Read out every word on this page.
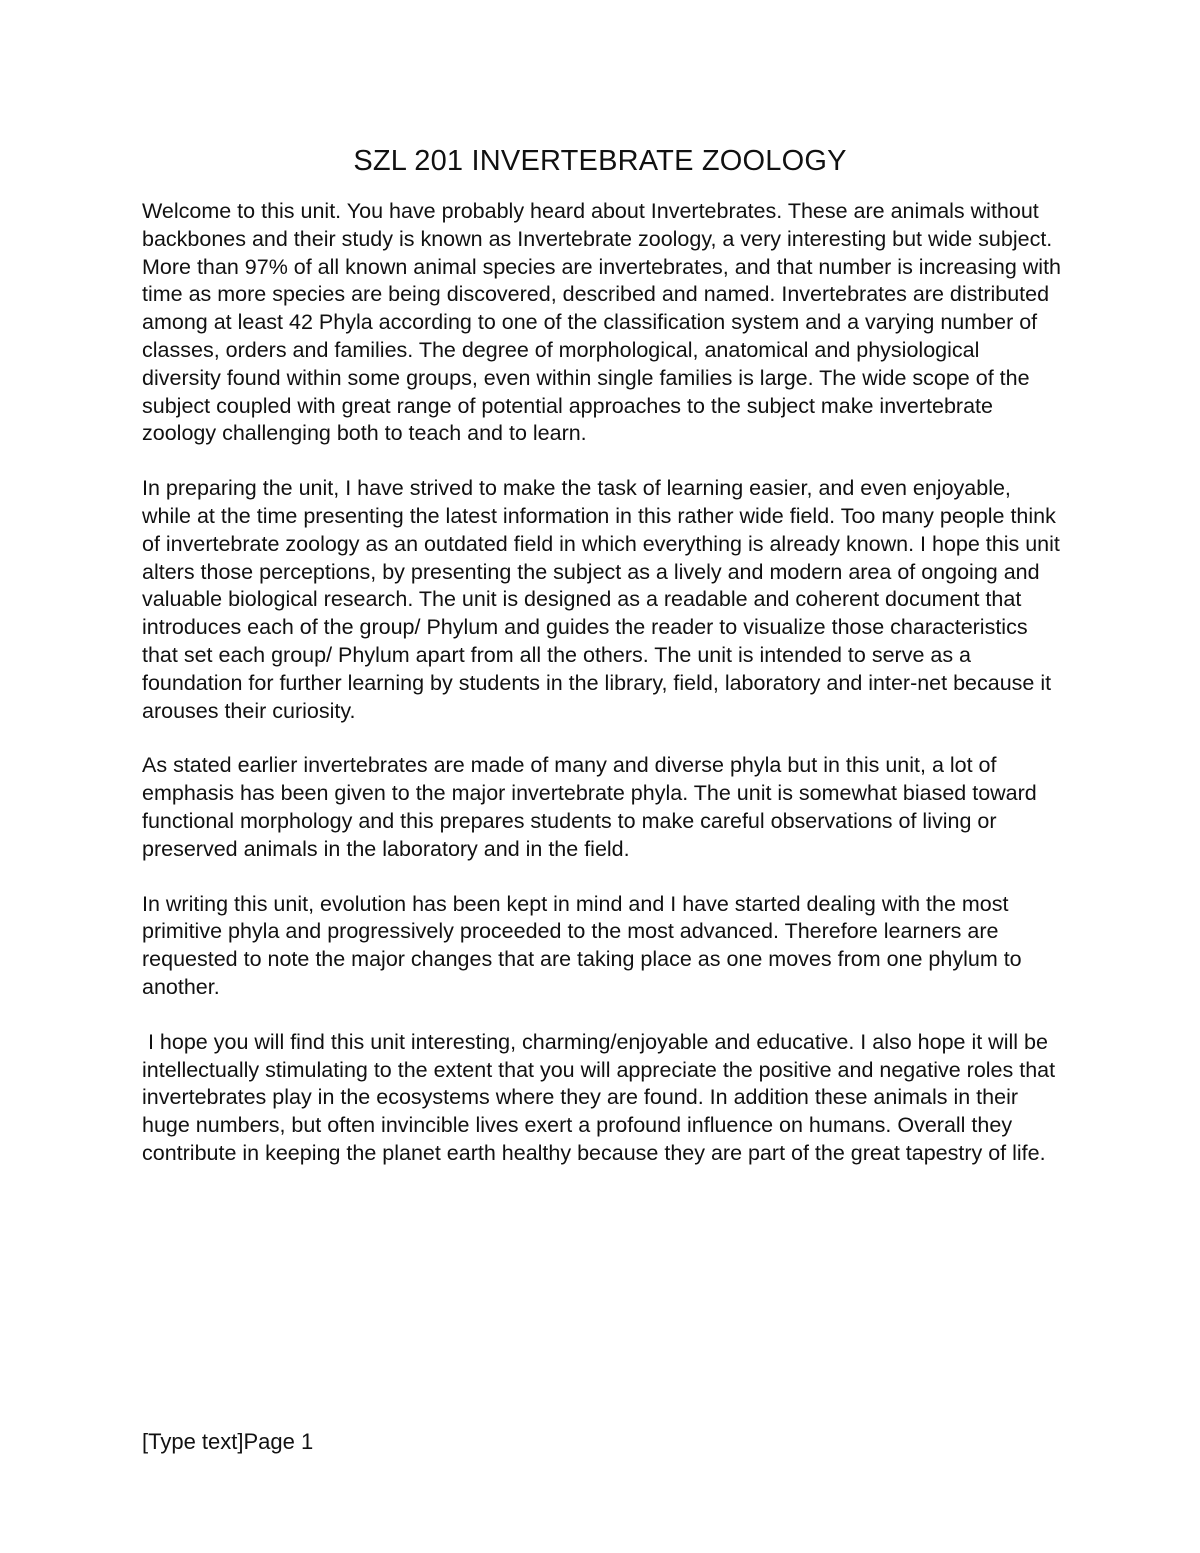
SZL 201 INVERTEBRATE ZOOLOGY

Welcome to this unit. You have probably heard about Invertebrates. These are animals without backbones and their study is known as Invertebrate zoology, a very interesting but wide subject. More than 97% of all known animal species are invertebrates, and that number is increasing with time as more species are being discovered, described and named. Invertebrates are distributed among at least 42 Phyla according to one of the classification system and a varying number of classes, orders and families. The degree of morphological, anatomical and physiological diversity found within some groups, even within single families is large. The wide scope of the subject coupled with great range of potential approaches to the subject make invertebrate zoology challenging both to teach and to learn.

In preparing the unit, I have strived to make the task of learning easier, and even enjoyable, while at the time presenting the latest information in this rather wide field. Too many people think of invertebrate zoology as an outdated field in which everything is already known. I hope this unit alters those perceptions, by presenting the subject as a lively and modern area of ongoing and valuable biological research. The unit is designed as a readable and coherent document that introduces each of the group/ Phylum and guides the reader to visualize those characteristics that set each group/ Phylum apart from all the others. The unit is intended to serve as a foundation for further learning by students in the library, field, laboratory and inter-net because it arouses their curiosity.

As stated earlier invertebrates are made of many and diverse phyla but in this unit, a lot of emphasis has been given to the major invertebrate phyla. The unit is somewhat biased toward functional morphology and this prepares students to make careful observations of living or preserved animals in the laboratory and in the field.

In writing this unit, evolution has been kept in mind and I have started dealing with the most primitive phyla and progressively proceeded to the most advanced. Therefore learners are requested to note the major changes that are taking place as one moves from one phylum to another.

I hope you will find this unit interesting, charming/enjoyable and educative. I also hope it will be intellectually stimulating to the extent that you will appreciate the positive and negative roles that invertebrates play in the ecosystems where they are found. In addition these animals in their huge numbers, but often invincible lives exert a profound influence on humans. Overall they contribute in keeping the planet earth healthy because they are part of the great tapestry of life.

[Type text]Page 1
